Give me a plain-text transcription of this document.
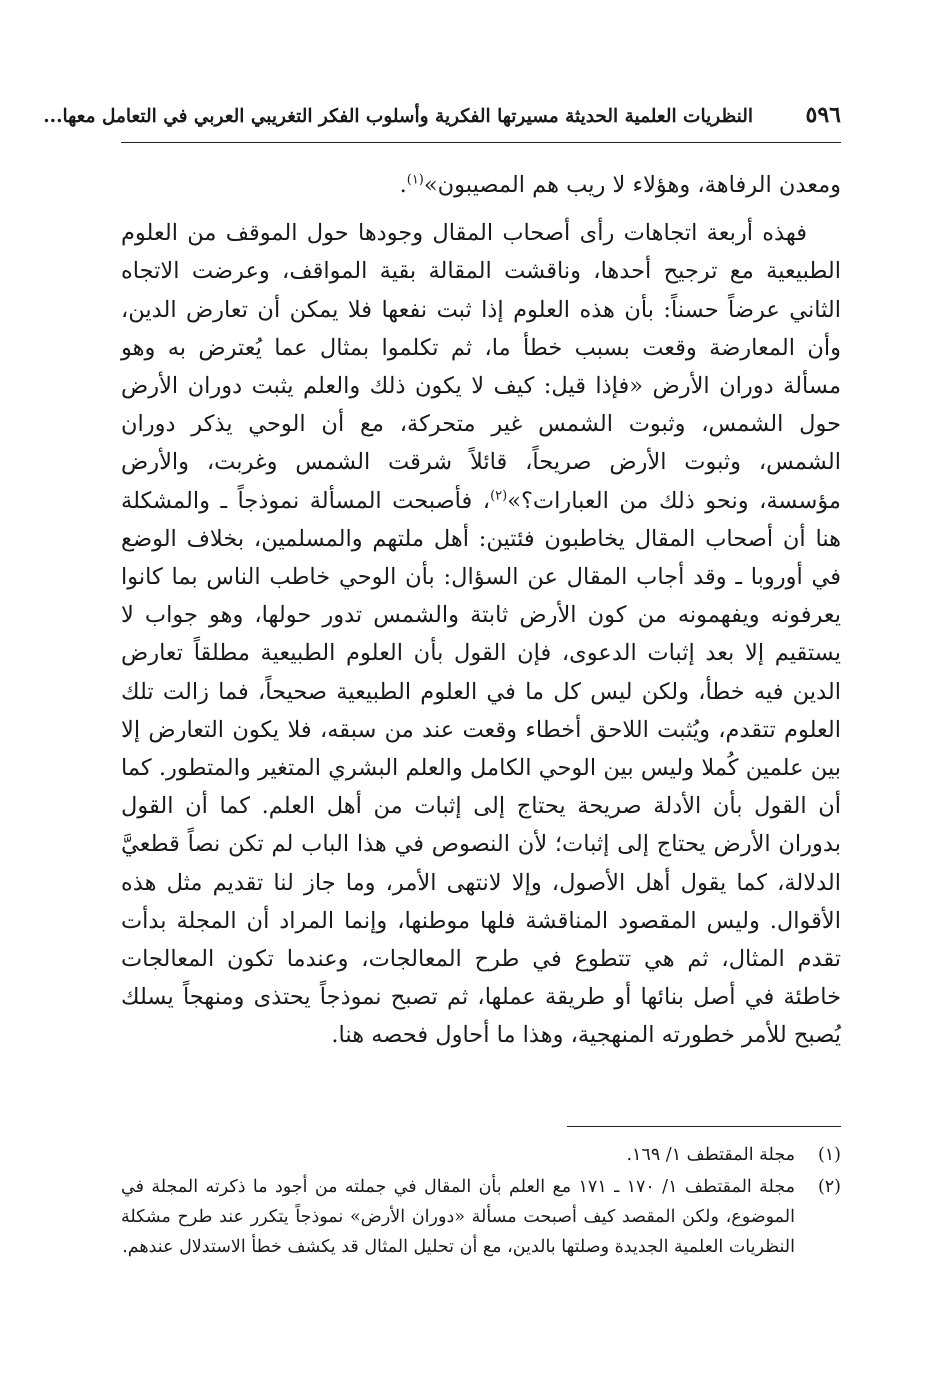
٥٩٦
النظريات العلمية الحديثة مسيرتها الفكرية وأسلوب الفكر التغريبي العربي في التعامل معها...

ومعدن الرفاهة، وهؤلاء لا ريب هم المصيبون»$^{(١)}$.

فهذه أربعة اتجاهات رأى أصحاب المقال وجودها حول الموقف من العلوم الطبيعية مع ترجيح أحدها، وناقشت المقالة بقية المواقف، وعرضت الاتجاه الثاني عرضاً حسناً: بأن هذه العلوم إذا ثبت نفعها فلا يمكن أن تعارض الدين، وأن المعارضة وقعت بسبب خطأ ما، ثم تكلموا بمثال عما يُعترض به وهو مسألة دوران الأرض «فإذا قيل: كيف لا يكون ذلك والعلم يثبت دوران الأرض حول الشمس، وثبوت الشمس غير متحركة، مع أن الوحي يذكر دوران الشمس، وثبوت الأرض صريحاً، قائلاً شرقت الشمس وغربت، والأرض مؤسسة، ونحو ذلك من العبارات؟»$^{(٢)}$، فأصبحت المسألة نموذجاً ـ والمشكلة هنا أن أصحاب المقال يخاطبون فئتين: أهل ملتهم والمسلمين، بخلاف الوضع في أوروبا ـ وقد أجاب المقال عن السؤال: بأن الوحي خاطب الناس بما كانوا يعرفونه ويفهمونه من كون الأرض ثابتة والشمس تدور حولها، وهو جواب لا يستقيم إلا بعد إثبات الدعوى، فإن القول بأن العلوم الطبيعية مطلقاً تعارض الدين فيه خطأ، ولكن ليس كل ما في العلوم الطبيعية صحيحاً، فما زالت تلك العلوم تتقدم، ويُثبت اللاحق أخطاء وقعت عند من سبقه، فلا يكون التعارض إلا بين علمين كُملا وليس بين الوحي الكامل والعلم البشري المتغير والمتطور. كما أن القول بأن الأدلة صريحة يحتاج إلى إثبات من أهل العلم. كما أن القول بدوران الأرض يحتاج إلى إثبات؛ لأن النصوص في هذا الباب لم تكن نصاً قطعيَّ الدلالة، كما يقول أهل الأصول، وإلا لانتهى الأمر، وما جاز لنا تقديم مثل هذه الأقوال. وليس المقصود المناقشة فلها موطنها، وإنما المراد أن المجلة بدأت تقدم المثال، ثم هي تتطوع في طرح المعالجات، وعندما تكون المعالجات خاطئة في أصل بنائها أو طريقة عملها، ثم تصبح نموذجاً يحتذى ومنهجاً يسلك يُصبح للأمر خطورته المنهجية، وهذا ما أحاول فحصه هنا.

(١)
مجلة المقتطف ١/ ١٦٩.
(٢)
مجلة المقتطف ١/ ١٧٠ ـ ١٧١ مع العلم بأن المقال في جملته من أجود ما ذكرته المجلة في الموضوع، ولكن المقصد كيف أصبحت مسألة «دوران الأرض» نموذجاً يتكرر عند طرح مشكلة النظريات العلمية الجديدة وصلتها بالدين، مع أن تحليل المثال قد يكشف خطأ الاستدلال عندهم.
